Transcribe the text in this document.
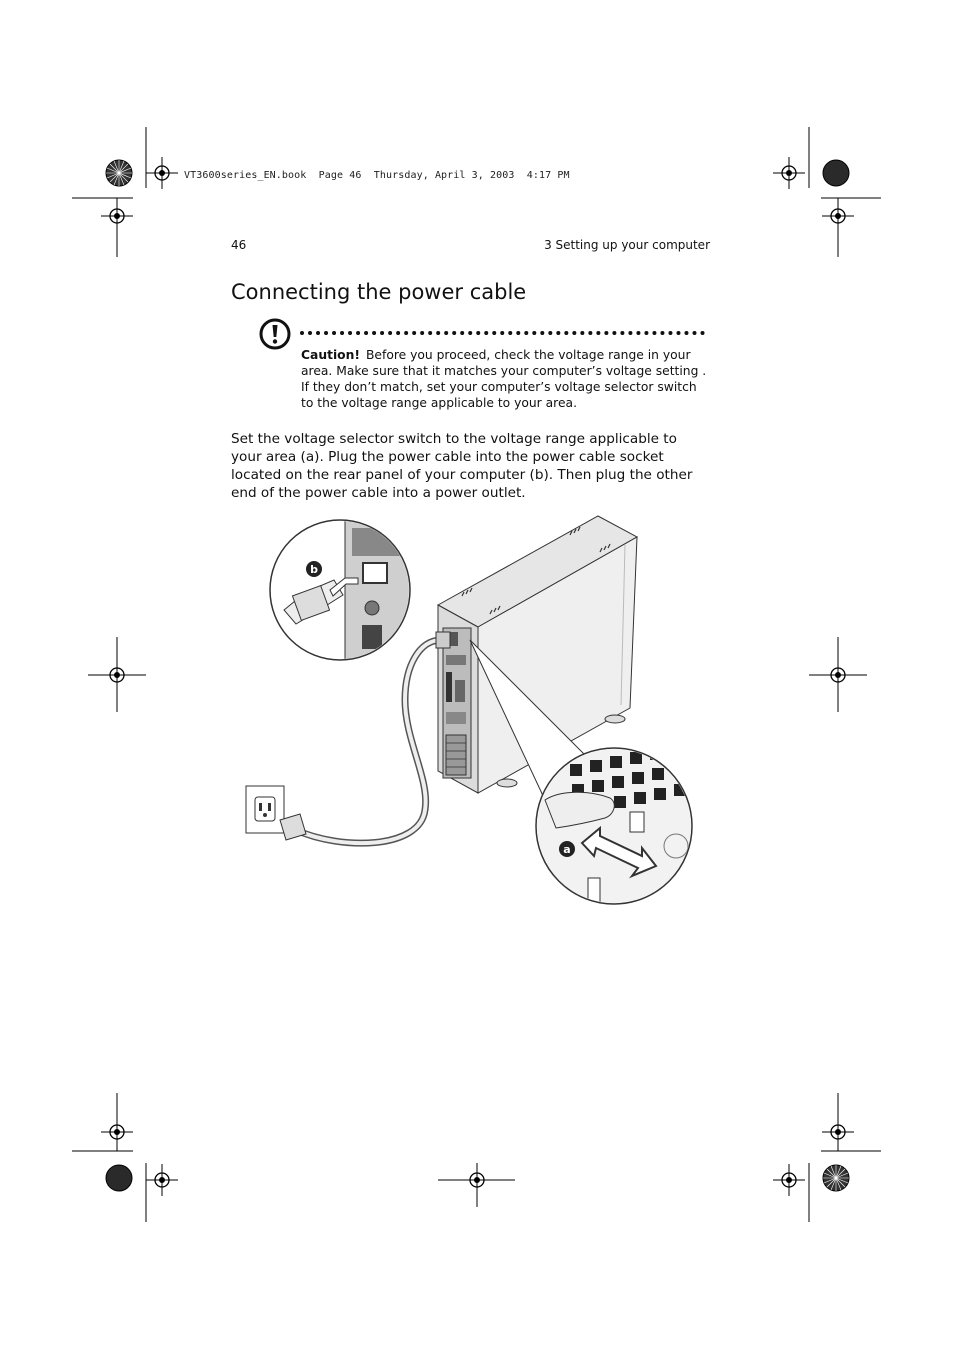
VT3600series_EN.book  Page 46  Thursday, April 3, 2003  4:17 PM
46	3 Setting up your computer
Connecting the power cable
Caution! Before you proceed, check the voltage range in your area. Make sure that it matches your computer’s voltage setting . If they don’t match, set your computer’s voltage selector switch to the voltage range applicable to your area.
Set the voltage selector switch to the voltage range applicable to your area (a). Plug the power cable into the power cable socket located on the rear panel of your computer (b). Then plug the other end of the power cable into a power outlet.
b
a
